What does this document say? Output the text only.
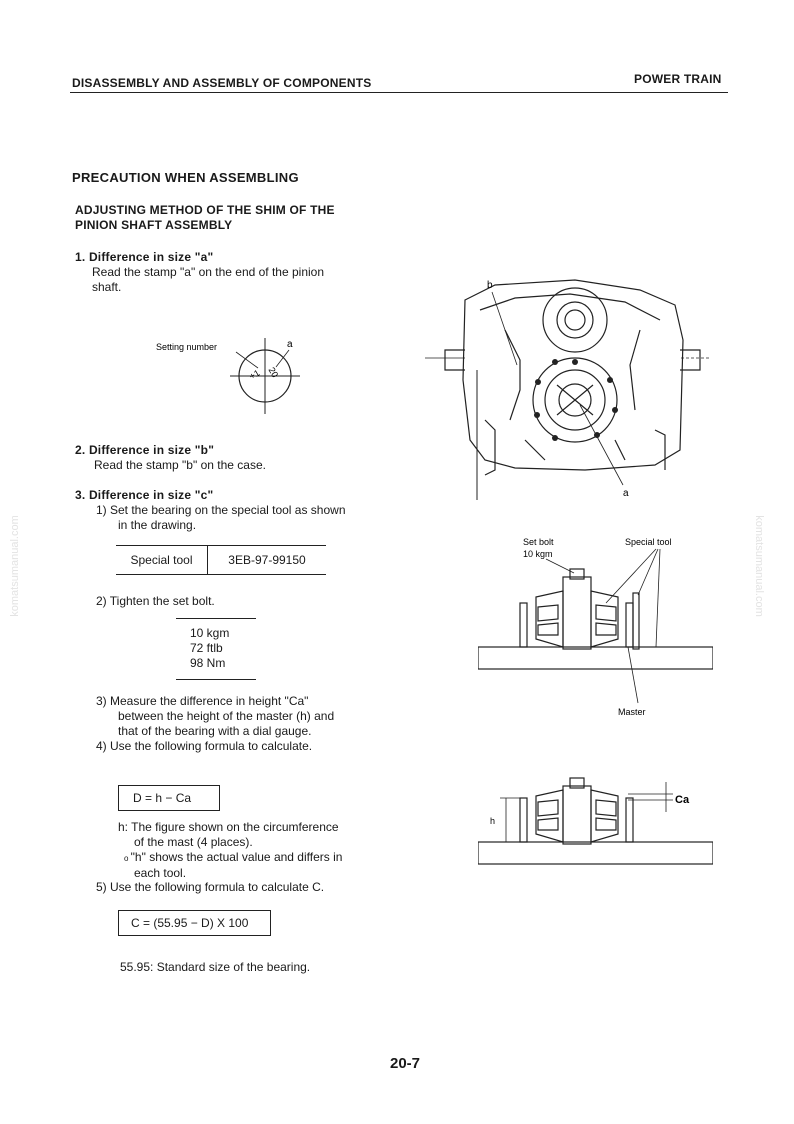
DISASSEMBLY AND ASSEMBLY OF COMPONENTS	POWER TRAIN
komatsumanual.com	komatsumanual.com
PRECAUTION WHEN ASSEMBLING
ADJUSTING METHOD OF THE SHIM OF THE
PINION SHAFT ASSEMBLY
1. Difference in size "a"
Read the stamp "a" on the end of the pinion
shaft.
Setting number	a
+1 20
2. Difference in size "b"
Read the stamp "b" on the case.
3. Difference in size "c"
1) Set the bearing on the special tool as shown
in the drawing.
Special tool	3EB-97-99150
2) Tighten the set bolt.
10 kgm
72 ftlb
98 Nm
3) Measure the difference in height "Ca"
between the height of the master (h) and
that of the bearing with a dial gauge.
4) Use the following formula to calculate.
D = h − Ca
h: The figure shown on the circumference
of the mast (4 places).
o "h" shows the actual value and differs in
each tool.
5) Use the following formula to calculate C.
C = (55.95 − D) X 100
55.95: Standard size of the bearing.
b
a
Set bolt
10 kgm
Special tool
Master
h
Ca
20-7
